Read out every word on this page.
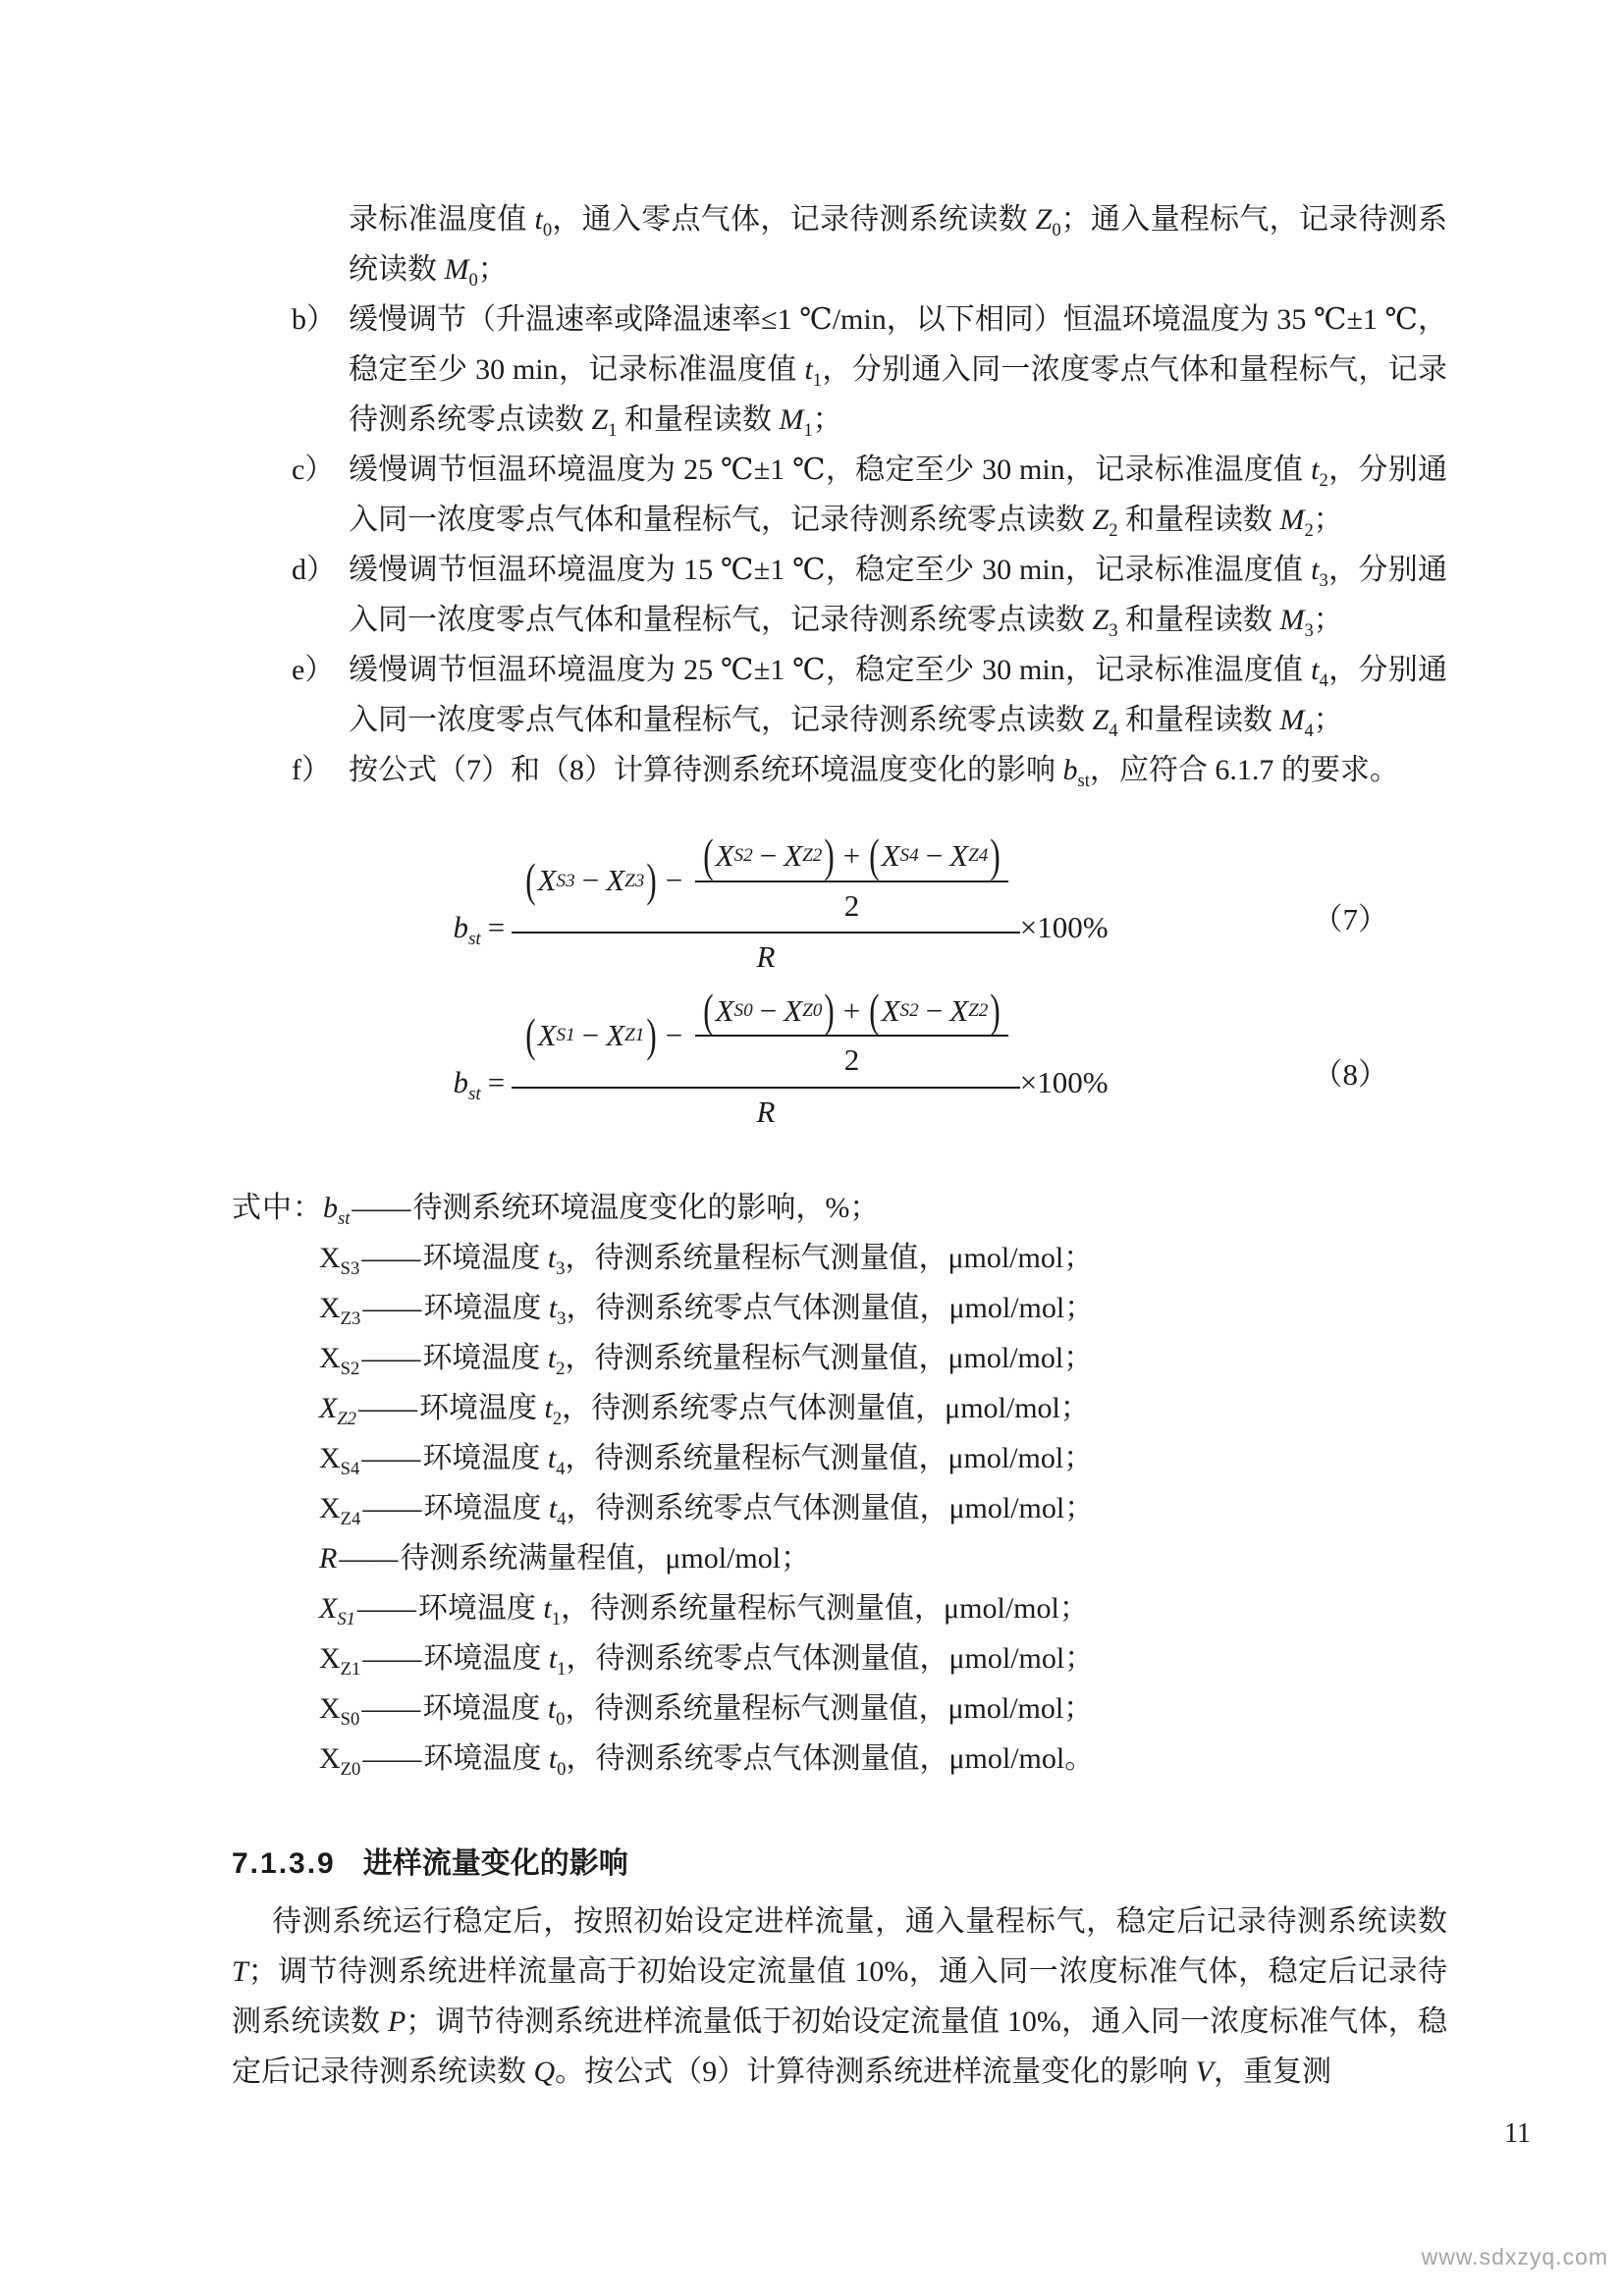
录标准温度值 $t_0$，通入零点气体，记录待测系统读数 $Z_0$；通入量程标气，记录待测系统读数 $M_0$；
b） 缓慢调节（升温速率或降温速率≤1 ℃/min，以下相同）恒温环境温度为 35 ℃±1 ℃，稳定至少 30 min，记录标准温度值 $t_1$，分别通入同一浓度零点气体和量程标气，记录待测系统零点读数 $Z_1$ 和量程读数 $M_1$；
c） 缓慢调节恒温环境温度为 25 ℃±1 ℃，稳定至少 30 min，记录标准温度值 $t_2$，分别通入同一浓度零点气体和量程标气，记录待测系统零点读数 $Z_2$ 和量程读数 $M_2$；
d） 缓慢调节恒温环境温度为 15 ℃±1 ℃，稳定至少 30 min，记录标准温度值 $t_3$，分别通入同一浓度零点气体和量程标气，记录待测系统零点读数 $Z_3$ 和量程读数 $M_3$；
e） 缓慢调节恒温环境温度为 25 ℃±1 ℃，稳定至少 30 min，记录标准温度值 $t_4$，分别通入同一浓度零点气体和量程标气，记录待测系统零点读数 $Z_4$ 和量程读数 $M_4$；
f） 按公式（7）和（8）计算待测系统环境温度变化的影响 $b_{st}$，应符合 6.1.7 的要求。
$b_{st} = \frac{( X S3 - X Z3 ) - \frac{\text{( X S2 − X Z2 ) + ( X S4 − X Z4 )}}{2}}{R} \times 100\%$	（7）
$b_{st} = \frac{( X S1 - X Z1 ) - \frac{\text{( X S0 − X Z0 ) + ( X S2 − X Z2 )}}{2}}{R} \times 100\%$	（8）
式中：$b_{st}——$待测系统环境温度变化的影响，%；
$X_{S3}——$环境温度 $t_3$，待测系统量程标气测量值，μmol/mol；
$X_{Z3}——$环境温度 $t_3$，待测系统零点气体测量值，μmol/mol；
$X_{S2}——$环境温度 $t_2$，待测系统量程标气测量值，μmol/mol；
$X_{Z2}——$环境温度 $t_2$，待测系统零点气体测量值，μmol/mol；
$X_{S4}——$环境温度 $t_4$，待测系统量程标气测量值，μmol/mol；
$X_{Z4}——$环境温度 $t_4$，待测系统零点气体测量值，μmol/mol；
R——待测系统满量程值，μmol/mol；
$X_{S1}——$环境温度 $t_1$，待测系统量程标气测量值，μmol/mol；
$X_{Z1}——$环境温度 $t_1$，待测系统零点气体测量值，μmol/mol；
$X_{S0}——$环境温度 $t_0$，待测系统量程标气测量值，μmol/mol；
$X_{Z0}——$环境温度 $t_0$，待测系统零点气体测量值，μmol/mol。
7.1.3.9 进样流量变化的影响
待测系统运行稳定后，按照初始设定进样流量，通入量程标气，稳定后记录待测系统读数 T；调节待测系统进样流量高于初始设定流量值 10%，通入同一浓度标准气体，稳定后记录待测系统读数 P；调节待测系统进样流量低于初始设定流量值 10%，通入同一浓度标准气体，稳定后记录待测系统读数 Q。按公式（9）计算待测系统进样流量变化的影响 V，重复测
11
www.sdxzyq.com
